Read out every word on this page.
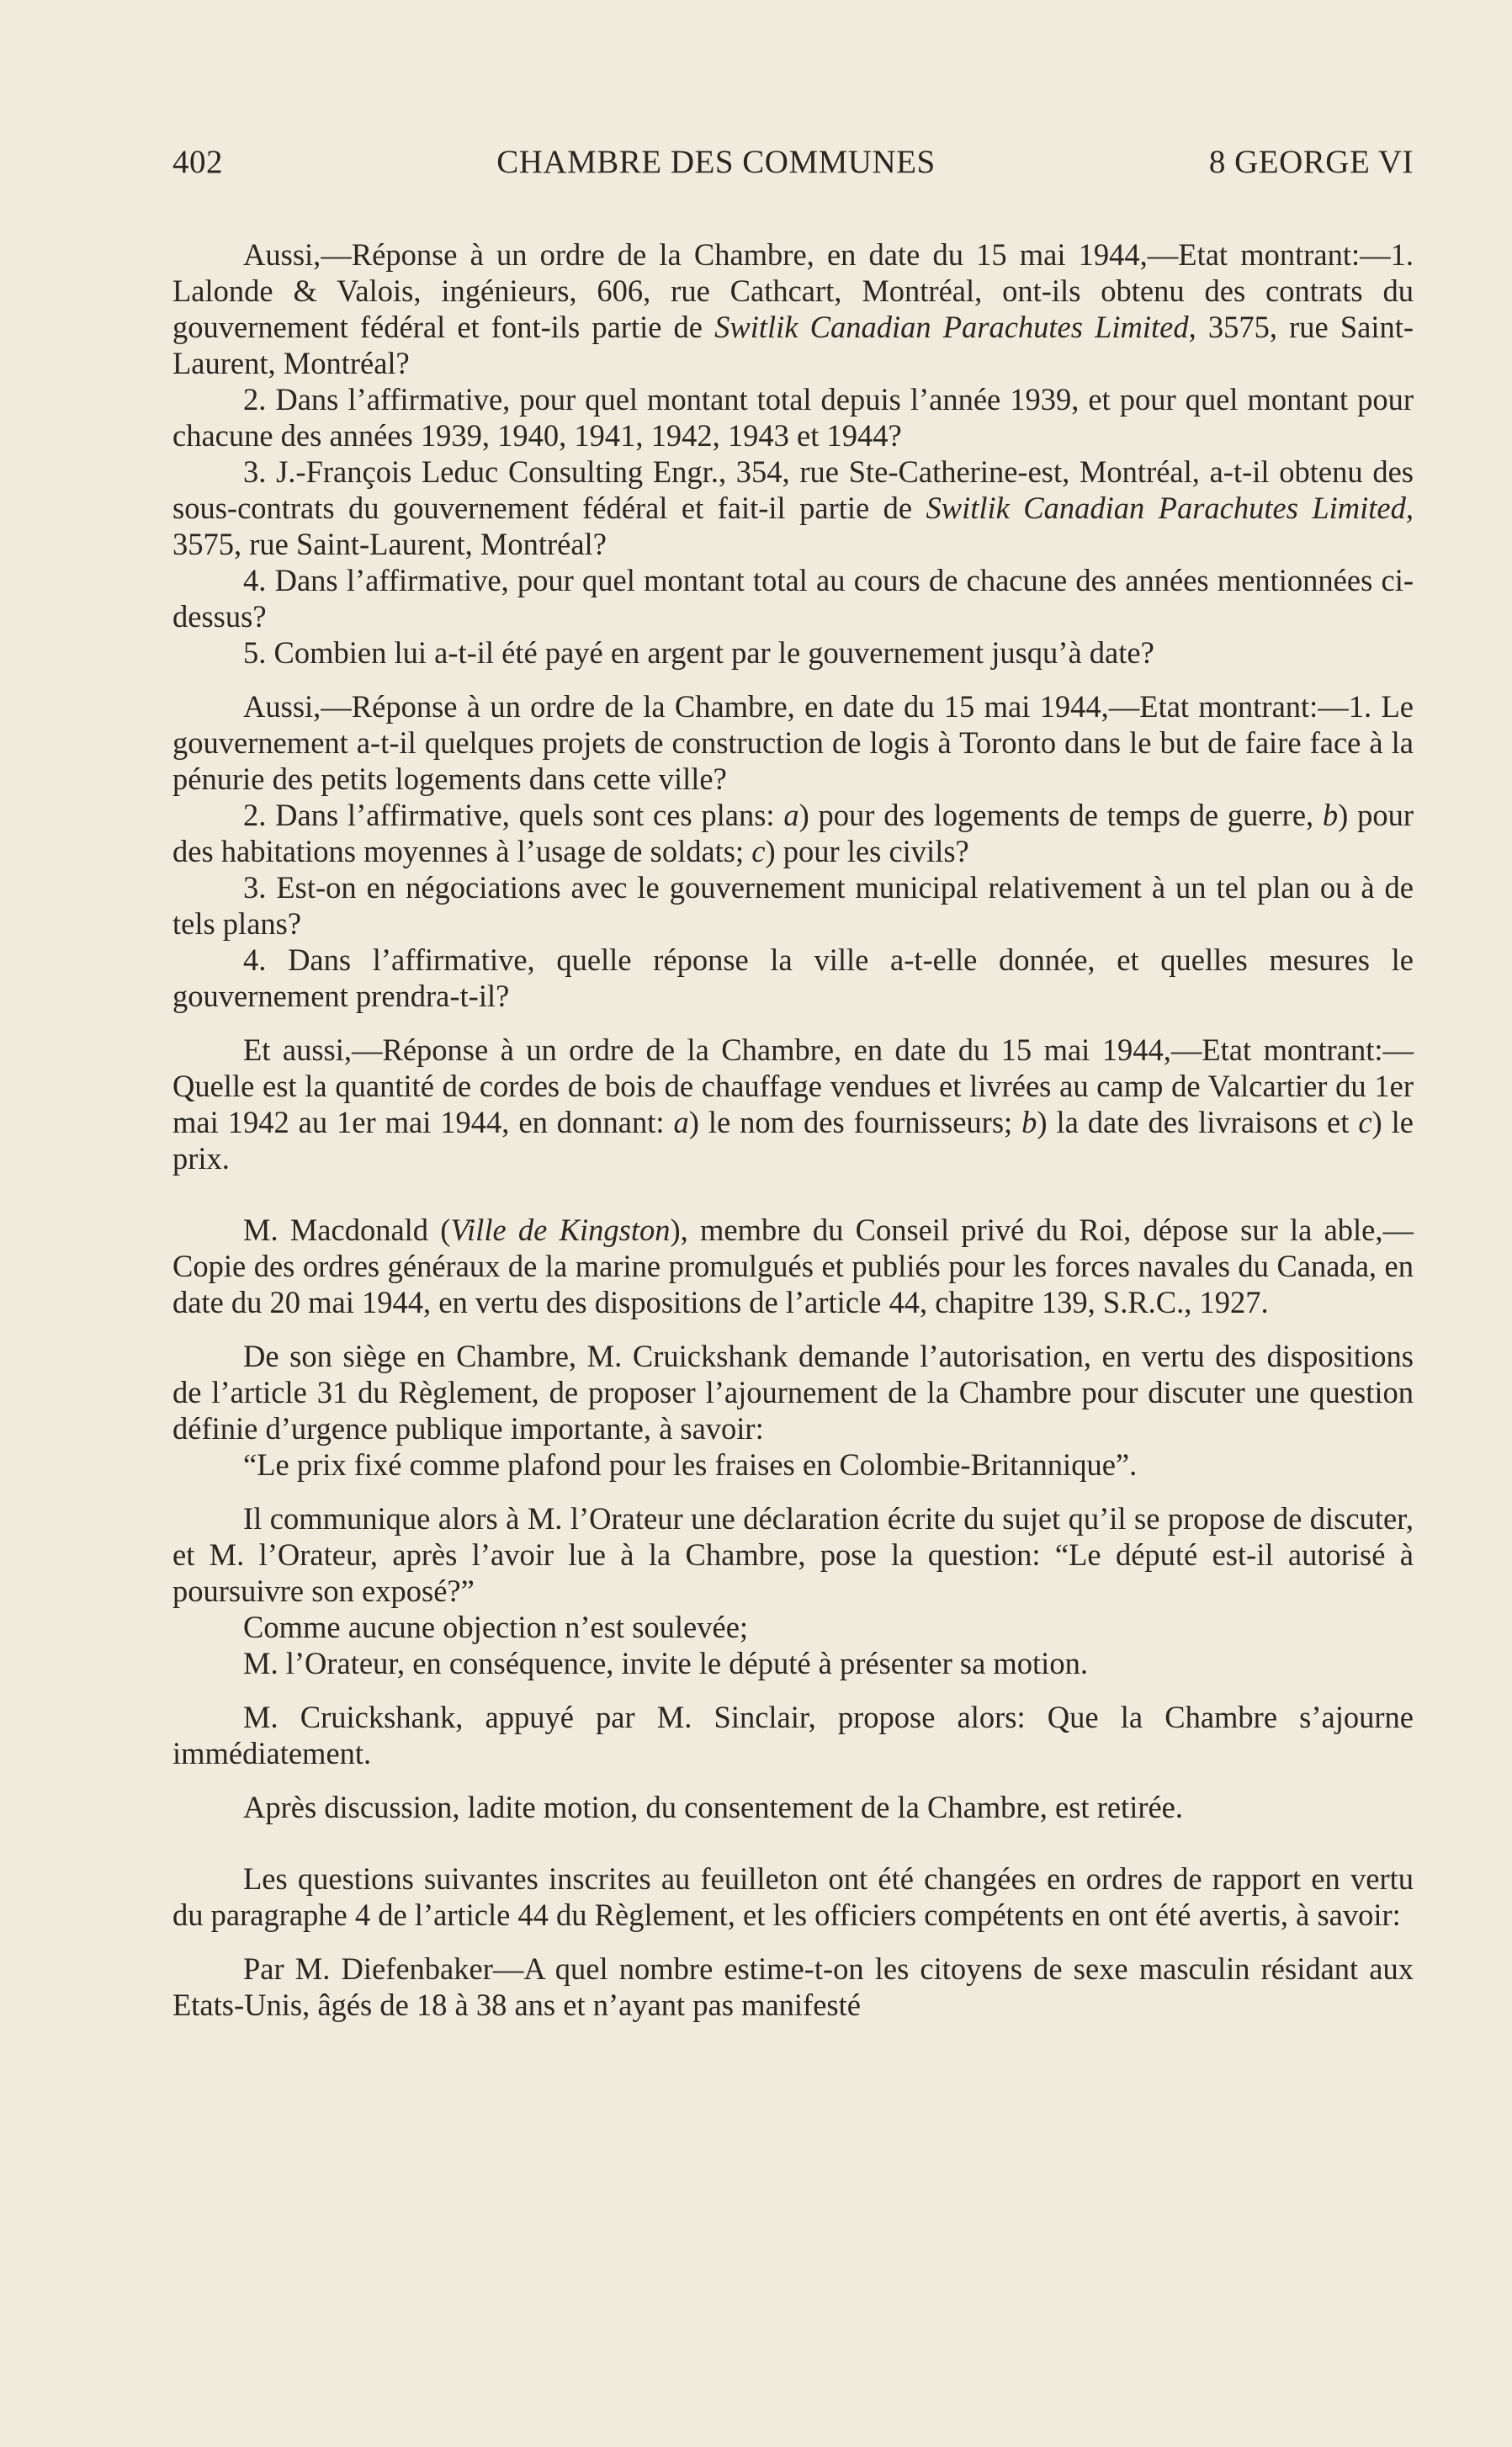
402	CHAMBRE DES COMMUNES	8 GEORGE VI

Aussi,—Réponse à un ordre de la Chambre, en date du 15 mai 1944,—Etat montrant:—1. Lalonde & Valois, ingénieurs, 606, rue Cathcart, Montréal, ont-ils obtenu des contrats du gouvernement fédéral et font-ils partie de Switlik Canadian Parachutes Limited, 3575, rue Saint-Laurent, Montréal?

2. Dans l’affirmative, pour quel montant total depuis l’année 1939, et pour quel montant pour chacune des années 1939, 1940, 1941, 1942, 1943 et 1944?

3. J.-François Leduc Consulting Engr., 354, rue Ste-Catherine-est, Montréal, a-t-il obtenu des sous-contrats du gouvernement fédéral et fait-il partie de Switlik Canadian Parachutes Limited, 3575, rue Saint-Laurent, Montréal?

4. Dans l’affirmative, pour quel montant total au cours de chacune des années mentionnées ci-dessus?

5. Combien lui a-t-il été payé en argent par le gouvernement jusqu’à date?

Aussi,—Réponse à un ordre de la Chambre, en date du 15 mai 1944,—Etat montrant:—1. Le gouvernement a-t-il quelques projets de construction de logis à Toronto dans le but de faire face à la pénurie des petits logements dans cette ville?

2. Dans l’affirmative, quels sont ces plans: a) pour des logements de temps de guerre, b) pour des habitations moyennes à l’usage de soldats; c) pour les civils?

3. Est-on en négociations avec le gouvernement municipal relativement à un tel plan ou à de tels plans?

4. Dans l’affirmative, quelle réponse la ville a-t-elle donnée, et quelles mesures le gouvernement prendra-t-il?

Et aussi,—Réponse à un ordre de la Chambre, en date du 15 mai 1944,—Etat montrant:—Quelle est la quantité de cordes de bois de chauffage vendues et livrées au camp de Valcartier du 1er mai 1942 au 1er mai 1944, en donnant: a) le nom des fournisseurs; b) la date des livraisons et c) le prix.

M. Macdonald (Ville de Kingston), membre du Conseil privé du Roi, dépose sur la able,—Copie des ordres généraux de la marine promulgués et publiés pour les forces navales du Canada, en date du 20 mai 1944, en vertu des dispositions de l’article 44, chapitre 139, S.R.C., 1927.

De son siège en Chambre, M. Cruickshank demande l’autorisation, en vertu des dispositions de l’article 31 du Règlement, de proposer l’ajournement de la Chambre pour discuter une question définie d’urgence publique importante, à savoir:

“Le prix fixé comme plafond pour les fraises en Colombie-Britannique”.

Il communique alors à M. l’Orateur une déclaration écrite du sujet qu’il se propose de discuter, et M. l’Orateur, après l’avoir lue à la Chambre, pose la question: “Le député est-il autorisé à poursuivre son exposé?”

Comme aucune objection n’est soulevée;

M. l’Orateur, en conséquence, invite le député à présenter sa motion.

M. Cruickshank, appuyé par M. Sinclair, propose alors: Que la Chambre s’ajourne immédiatement.

Après discussion, ladite motion, du consentement de la Chambre, est retirée.

Les questions suivantes inscrites au feuilleton ont été changées en ordres de rapport en vertu du paragraphe 4 de l’article 44 du Règlement, et les officiers compétents en ont été avertis, à savoir:

Par M. Diefenbaker—A quel nombre estime-t-on les citoyens de sexe masculin résidant aux Etats-Unis, âgés de 18 à 38 ans et n’ayant pas manifesté
